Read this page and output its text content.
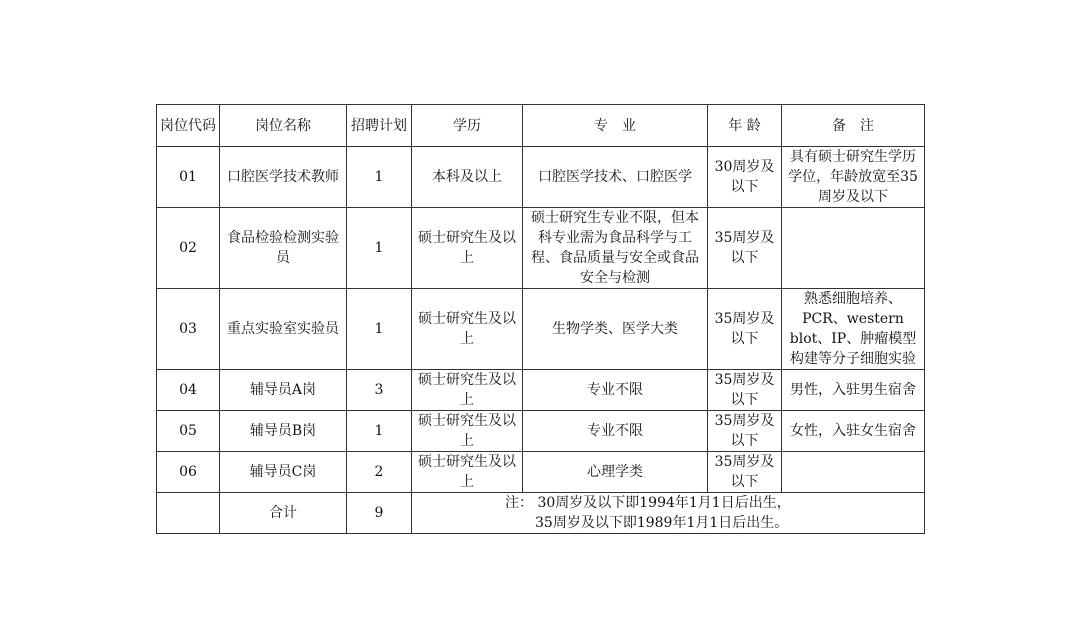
岗位代码	岗位名称	招聘计划	学历	专　业	年 龄	备　注
01	口腔医学技术教师	1	本科及以上	口腔医学技术、口腔医学	30周岁及以下	具有硕士研究生学历学位，年龄放宽至35周岁及以下
02	食品检验检测实验员	1	硕士研究生及以上	硕士研究生专业不限，但本科专业需为食品科学与工程、食品质量与安全或食品安全与检测	35周岁及以下	
03	重点实验室实验员	1	硕士研究生及以上	生物学类、医学大类	35周岁及以下	熟悉细胞培养、PCR、western blot、IP、肿瘤模型构建等分子细胞实验
04	辅导员A岗	3	硕士研究生及以上	专业不限	35周岁及以下	男性，入驻男生宿舍
05	辅导员B岗	1	硕士研究生及以上	专业不限	35周岁及以下	女性，入驻女生宿舍
06	辅导员C岗	2	硕士研究生及以上	心理学类	35周岁及以下	
	合计	9	注： 30周岁及以下即1994年1月1日后出生，
35周岁及以下即1989年1月1日后出生。			
